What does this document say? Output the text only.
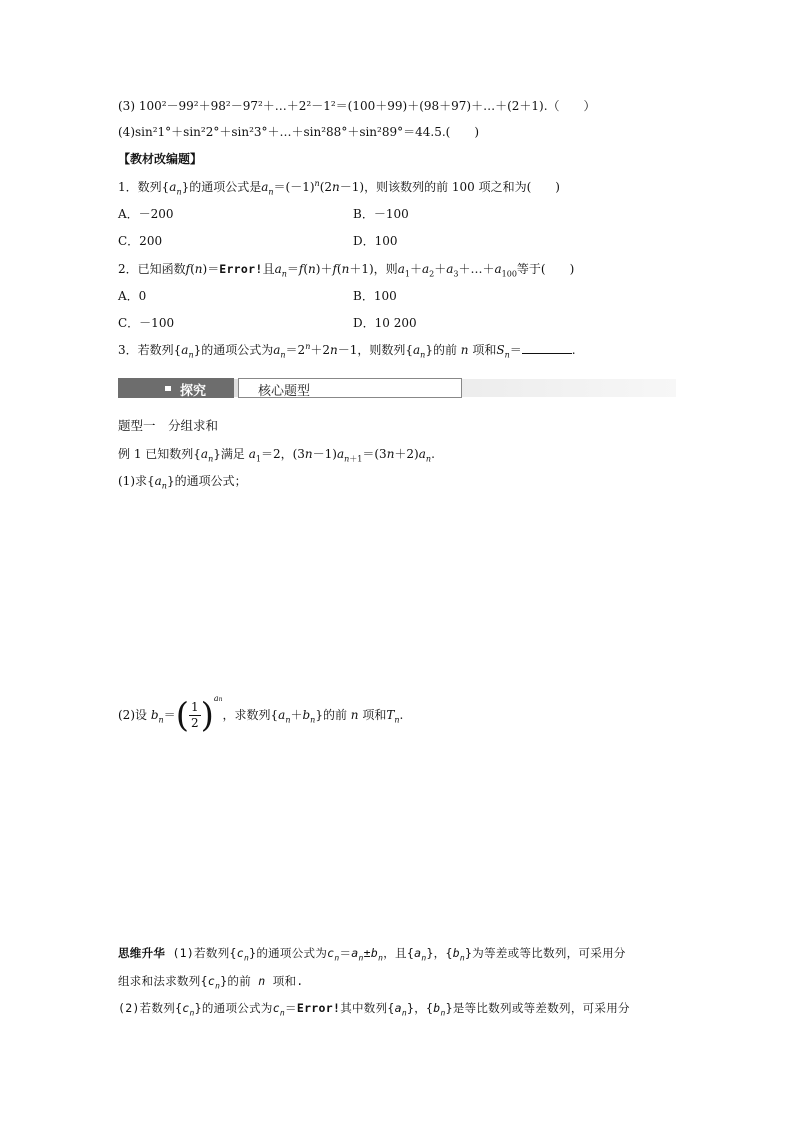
(3) 100²－99²＋98²－97²＋…＋2²－1²＝(100＋99)＋(98＋97)＋…＋(2＋1).（　　）
(4)sin²1°＋sin²2°＋sin²3°＋…＋sin²88°＋sin²89°＝44.5.(　　)
【教材改编题】
1．数列$\{a_n\}$的通项公式是$a_n=(-1)^n(2n-1)$，则该数列的前 100 项之和为(　　)
A．－200	B．－100
C．200	D．100
2．已知函数f(n)＝Error!且$a_n=f(n)+f(n+1)$，则$a_1+a_2+a_3+\dots+a_{100}$等于(　　)
A．0	B．100
C．－100	D．10 200
3．若数列$\{a_n\}$的通项公式为$a_n=2^n+2n-1$，则数列$\{a_n\}$的前 n 项和$S_n=$	.
探究	核心题型
题型一　分组求和
例 1 已知数列$\{a_n\}$满足 $a_1=2$，$(3n-1)a_{n+1}=(3n+2)a_n$.
(1)求$\{a_n\}$的通项公式；
(2)设 $b_n=( \frac{1}{2} )^{an}$，求数列$\{a_n+b_n\}$的前 n 项和$T_n$.
思维升华 (1)若数列$\{c_n\}$的通项公式为$c_n=a_n\pm b_n$，且$\{a_n\}$，$\{b_n\}$为等差或等比数列，可采用分
组求和法求数列$\{c_n\}$的前 n 项和.
(2)若数列$\{c_n\}$的通项公式为$c_n=Error$!其中数列$\{a_n\}$，$\{b_n\}$是等比数列或等差数列，可采用分
